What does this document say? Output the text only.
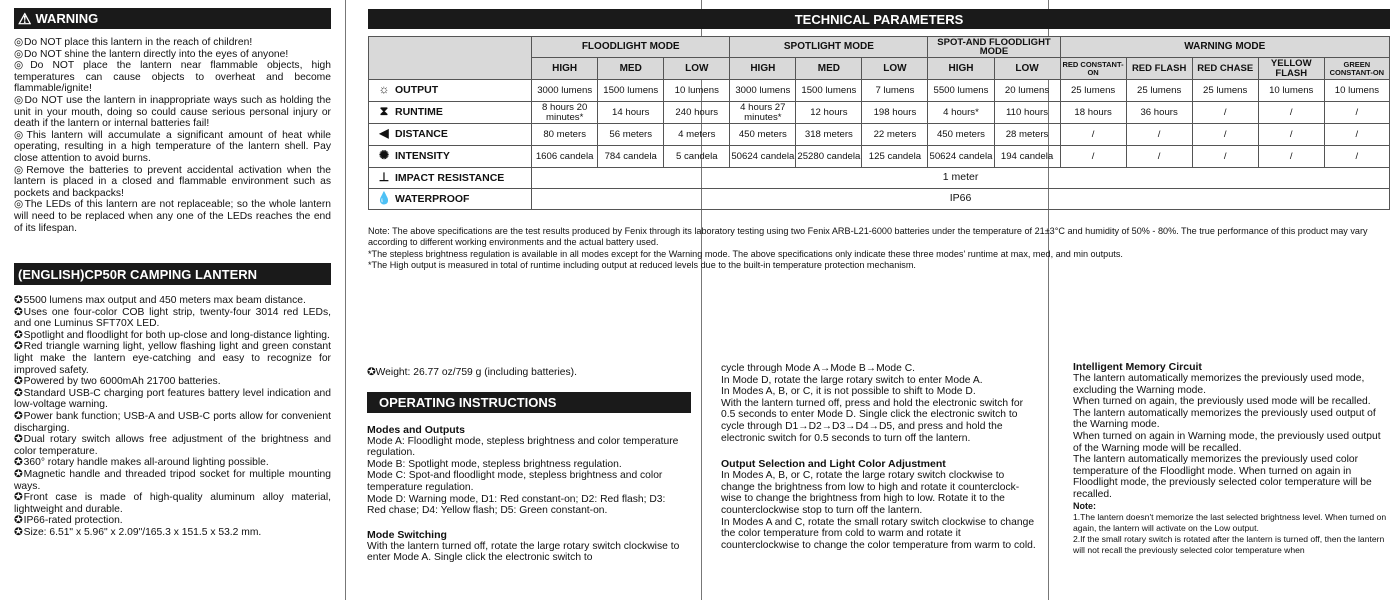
⚠ WARNING

◎ Do NOT place this lantern in the reach of children!

◎ Do NOT shine the lantern directly into the eyes of anyone!

◎ Do NOT place the lantern near flammable objects, high temperatures can cause objects to overheat and become flammable/ignite!

◎ Do NOT use the lantern in inappropriate ways such as holding the unit in your mouth, doing so could cause serious personal injury or death if the lantern or internal batteries fail!

◎ This lantern will accumulate a significant amount of heat while operating, resulting in a high temperature of the lantern shell. Pay close attention to avoid burns.

◎ Remove the batteries to prevent accidental activation when the lantern is placed in a closed and flammable environment such as pockets and backpacks!

◎ The LEDs of this lantern are not replaceable; so the whole lantern will need to be replaced when any one of the LEDs reaches the end of its lifespan.

(ENGLISH)CP50R CAMPING LANTERN

✪ 5500 lumens max output and 450 meters max beam distance.

✪ Uses one four-color COB light strip, twenty-four 3014 red LEDs, and one Luminus SFT70X LED.

✪ Spotlight and floodlight for both up-close and long-distance lighting.

✪ Red triangle warning light, yellow flashing light and green constant light make the lantern eye-catching and easy to recognize for improved safety.

✪ Powered by two 6000mAh 21700 batteries.

✪ Standard USB-C charging port features battery level indication and low-voltage warning.

✪ Power bank function; USB-A and USB-C ports allow for convenient discharging.

✪ Dual rotary switch allows free adjustment of the brightness and color temperature.

✪ 360° rotary handle makes all-around lighting possible.

✪ Magnetic handle and threaded tripod socket for multiple mounting ways.

✪ Front case is made of high-quality aluminum alloy material, lightweight and durable.

✪ IP66-rated protection.

✪ Size: 6.51" x 5.96" x 2.09"/165.3 x 151.5 x 53.2 mm.

TECHNICAL PARAMETERS
	FLOODLIGHT MODE			SPOTLIGHT MODE			SPOT-AND FLOODLIGHT MODE		WARNING MODE				
	HIGH	MED	LOW	HIGH	MED	LOW	HIGH	LOW	RED CONSTANT-ON	RED FLASH	RED CHASE	YELLOW FLASH	GREEN CONSTANT-ON
☼ OUTPUT	3000 lumens	1500 lumens	10 lumens	3000 lumens	1500 lumens	7 lumens	5500 lumens	20 lumens	25 lumens	25 lumens	25 lumens	10 lumens	10 lumens
⧗ RUNTIME	8 hours 20 minutes*	14 hours	240 hours	4 hours 27 minutes*	12 hours	198 hours	4 hours*	110 hours	18 hours	36 hours	/	/	/
◀ DISTANCE	80 meters	56 meters	4 meters	450 meters	318 meters	22 meters	450 meters	28 meters	/	/	/	/	/
✺ INTENSITY	1606 candela	784 candela	5 candela	50624 candela	25280 candela	125 candela	50624 candela	194 candela	/	/	/	/	/
⊥ IMPACT RESISTANCE	1 meter												
💧 WATERPROOF	IP66												

Note: The above specifications are the test results produced by Fenix through its laboratory testing using two Fenix ARB-L21-6000 batteries under the temperature of 21±3°C and humidity of 50% - 80%. The true performance of this product may vary according to different working environments and the actual battery used.

*The stepless brightness regulation is available in all modes except for the Warning mode. The above specifications only indicate these three modes' runtime at max, med, and min outputs.

*The High output is measured in total of runtime including output at reduced levels due to the built-in temperature protection mechanism.

✪Weight: 26.77 oz/759 g (including batteries).

OPERATING INSTRUCTIONS
Modes and Outputs

Mode A: Floodlight mode, stepless brightness and color temperature regulation.

Mode B: Spotlight mode, stepless brightness regulation.

Mode C: Spot-and floodlight mode, stepless brightness and color temperature regulation.

Mode D: Warning mode, D1: Red constant-on; D2: Red flash; D3: Red chase; D4: Yellow flash; D5: Green constant-on.

Mode Switching

With the lantern turned off, rotate the large rotary switch clockwise to enter Mode A. Single click the electronic switch to

cycle through Mode A→Mode B→Mode C.

In Mode D, rotate the large rotary switch to enter Mode A.

In Modes A, B, or C, it is not possible to shift to Mode D.

With the lantern turned off, press and hold the electronic switch for 0.5 seconds to enter Mode D. Single click the electronic switch to cycle through D1→D2→D3→D4→D5, and press and hold the electronic switch for 0.5 seconds to turn off the lantern.

Output Selection and Light Color Adjustment

In Modes A, B, or C, rotate the large rotary switch clockwise to change the brightness from low to high and rotate it counterclock-wise to change the brightness from high to low. Rotate it to the counterclockwise stop to turn off the lantern.

In Modes A and C, rotate the small rotary switch clockwise to change the color temperature from cold to warm and rotate it counterclockwise to change the color temperature from warm to cold.

Intelligent Memory Circuit

The lantern automatically memorizes the previously used mode, excluding the Warning mode.

When turned on again, the previously used mode will be recalled.

The lantern automatically memorizes the previously used output of the Warning mode.

When turned on again in Warning mode, the previously used output of the Warning mode will be recalled.

The lantern automatically memorizes the previously used color temperature of the Floodlight mode. When turned on again in Floodlight mode, the previously selected color temperature will be recalled.

Note:

1.The lantern doesn't memorize the last selected brightness level. When turned on again, the lantern will activate on the Low output.

2.If the small rotary switch is rotated after the lantern is turned off, then the lantern will not recall the previously selected color temperature when
